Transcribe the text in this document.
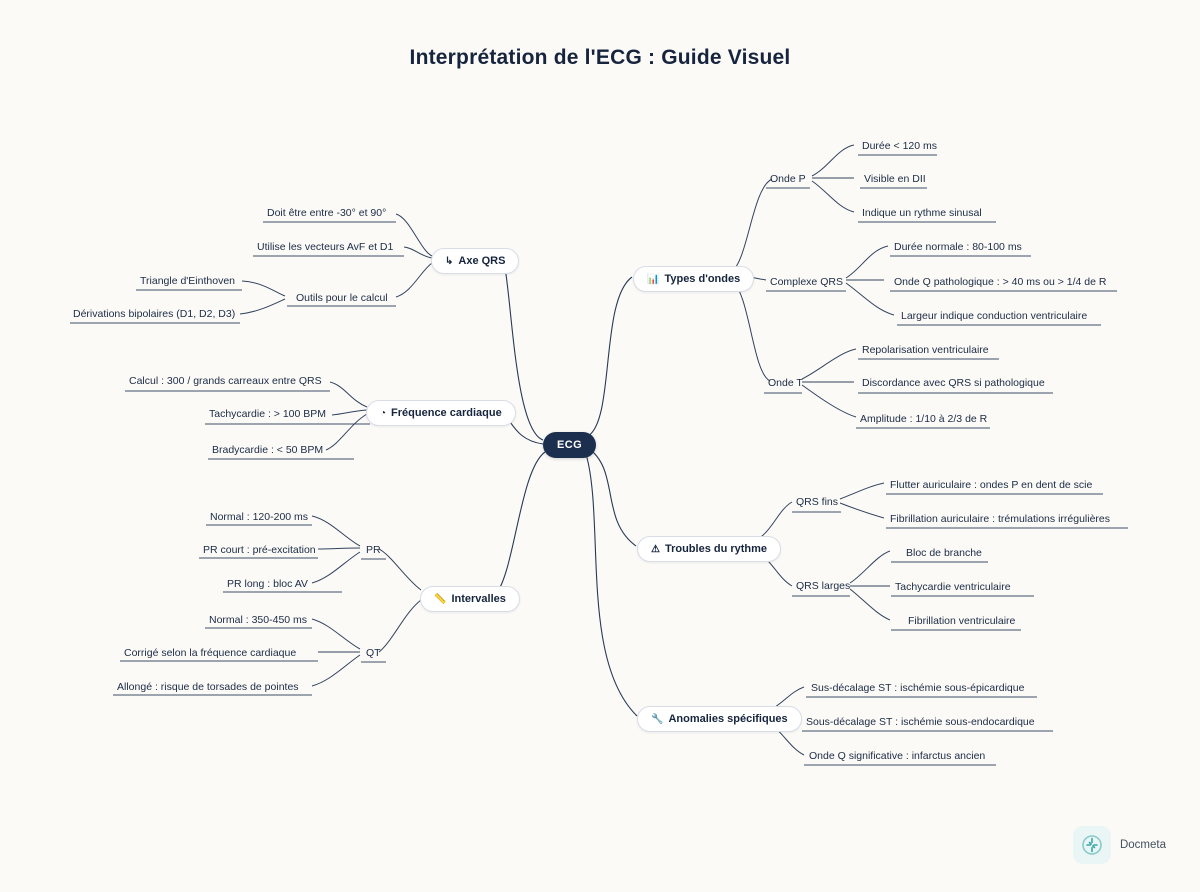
Interprétation de l'ECG : Guide Visuel
ECG
↳ Axe QRS
Doit être entre -30° et 90°
Utilise les vecteurs AvF et D1
Outils pour le calcul
Triangle d'Einthoven
Dérivations bipolaires (D1, D2, D3)
◔ Fréquence cardiaque
Calcul : 300 / grands carreaux entre QRS
Tachycardie : > 100 BPM
Bradycardie : < 50 BPM
📏 Intervalles
PR
Normal : 120-200 ms
PR court : pré-excitation
PR long : bloc AV
QT
Normal : 350-450 ms
Corrigé selon la fréquence cardiaque
Allongé : risque de torsades de pointes
📊 Types d'ondes
Onde P
Durée < 120 ms
Visible en DII
Indique un rythme sinusal
Complexe QRS
Durée normale : 80-100 ms
Onde Q pathologique : > 40 ms ou > 1/4 de R
Largeur indique conduction ventriculaire
Onde T
Repolarisation ventriculaire
Discordance avec QRS si pathologique
Amplitude : 1/10 à 2/3 de R
⚠ Troubles du rythme
QRS fins
Flutter auriculaire : ondes P en dent de scie
Fibrillation auriculaire : trémulations irrégulières
QRS larges
Bloc de branche
Tachycardie ventriculaire
Fibrillation ventriculaire
🔧 Anomalies spécifiques
Sus-décalage ST : ischémie sous-épicardique
Sous-décalage ST : ischémie sous-endocardique
Onde Q significative : infarctus ancien
Docmeta
